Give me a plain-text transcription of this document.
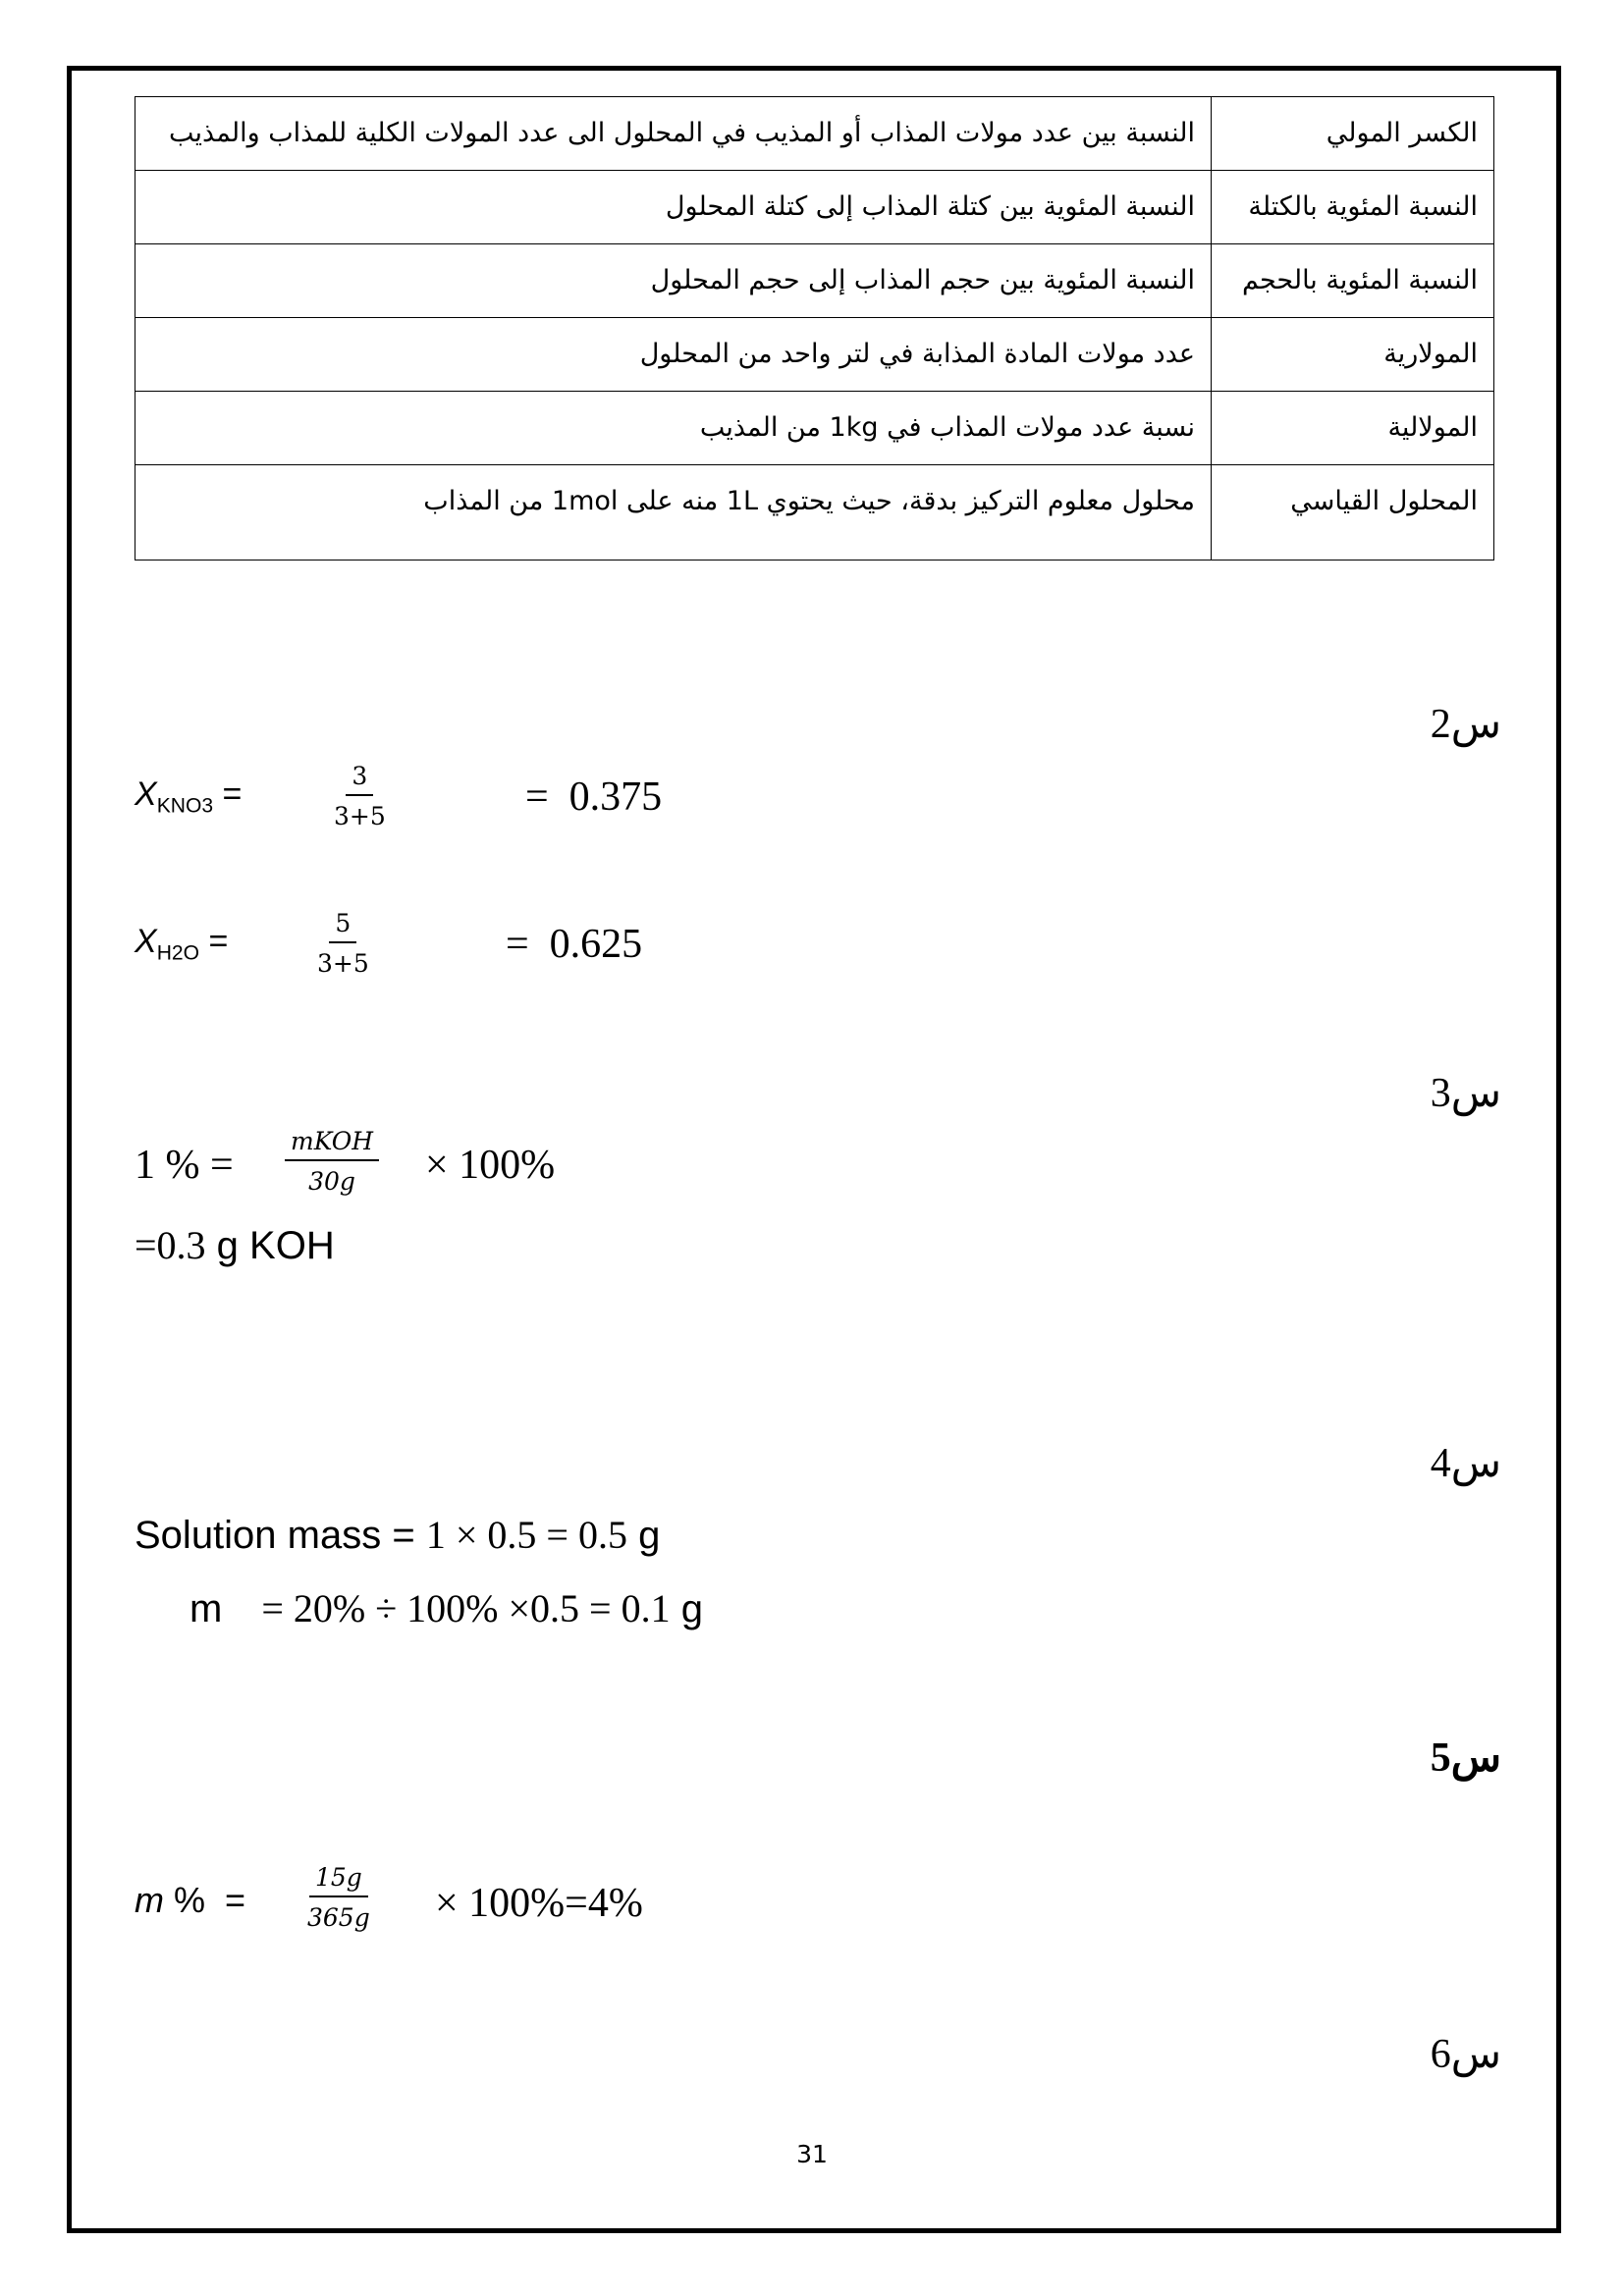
الكسر المولي	النسبة بين عدد مولات المذاب أو المذيب في المحلول الى عدد المولات الكلية للمذاب والمذيب
النسبة المئوية بالكتلة	النسبة المئوية بين كتلة المذاب إلى كتلة المحلول
النسبة المئوية بالحجم	النسبة المئوية بين حجم المذاب إلى حجم المحلول
المولارية	عدد مولات المادة المذابة في لتر واحد من المحلول
المولالية	نسبة عدد مولات المذاب في 1kg من المذيب
المحلول القياسي	محلول معلوم التركيز بدقة، حيث يحتوي 1L منه على 1mol من المذاب
س2
$X_{KNO3}$ =	$\frac{3}{3+5}$	=  0.375
$X_{H2O}$ =	$\frac{5}{3+5}$	=  0.625
س3
1 % =
mKOH
30g × 100%
=0.3 g KOH
س4
Solution mass = 1 × 0.5 = 0.5 g
m = 20% ÷ 100% ×0.5 = 0.1 g
س5
m %  =	$\frac{15g}{365g} \times 100\%=4\%$
س6
31
